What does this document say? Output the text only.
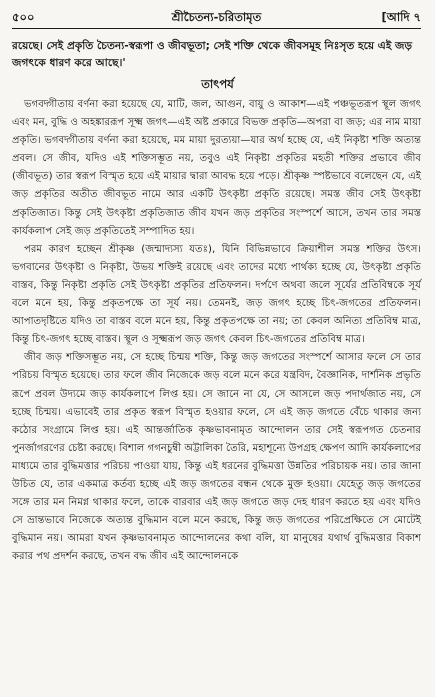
৫০০	শ্রীচৈতন্য-চরিতামৃত	[আদি ৭
রয়েছে। সেই প্রকৃতি চৈতন্য-স্বরূপা ও জীবভূতা; সেই শক্তি থেকে জীবসমূহ নিঃসৃত হয়ে এই জড় জগৎকে ধারণ করে আছে।'
তাৎপর্য

ভগবদ্গীতায় বর্ণনা করা হয়েছে যে, মাটি, জল, আগুন, বায়ু ও আকাশ—এই পঞ্চভূতরূপ স্থূল জগৎ এবং মন, বুদ্ধি ও অহঙ্কাররূপ সূক্ষ্ম জগৎ—এই অষ্ট প্রকারে বিভক্ত প্রকৃতি—অপরা বা জড়; এর নাম মায়া প্রকৃতি। ভগবদ্গীতায় বর্ণনা করা হয়েছে, মম মায়া দুরত্যয়া—যার অর্থ হচ্ছে যে, এই নিকৃষ্টা শক্তি অত্যন্ত প্রবল। সে জীব, যদিও এই শক্তিসম্ভূত নয়, তবুও এই নিকৃষ্টা প্রকৃতির মহতী শক্তির প্রভাবে জীব (জীবভূত) তার স্বরূপ বিস্মৃত হয়ে এই মায়ার দ্বারা আবদ্ধ হয়ে পড়ে। শ্রীকৃষ্ণ স্পষ্টভাবে বলেছেন যে, এই জড় প্রকৃতির অতীত জীবভূত নামে আর একটি উৎকৃষ্টা প্রকৃতি রয়েছে। সমস্ত জীব সেই উৎকৃষ্টা প্রকৃতিজাত। কিন্তু সেই উৎকৃষ্টা প্রকৃতিজাত জীব যখন জড় প্রকৃতির সংস্পর্শে আসে, তখন তার সমস্ত কার্যকলাপ সেই জড় প্রকৃতিতেই সম্পাদিত হয়।

পরম কারণ হচ্ছেন শ্রীকৃষ্ণ (জন্মাদ্যস্য যতঃ), যিনি বিভিন্নভাবে ক্রিয়াশীল সমস্ত শক্তির উৎস। ভগবানের উৎকৃষ্টা ও নিকৃষ্টা, উভয় শক্তিই রয়েছে এবং তাদের মধ্যে পার্থক্য হচ্ছে যে, উৎকৃষ্টা প্রকৃতি বাস্তব, কিন্তু নিকৃষ্টা প্রকৃতি সেই উৎকৃষ্টা প্রকৃতির প্রতিফলন। দর্পণে অথবা জলে সূর্যের প্রতিবিম্বকে সূর্য বলে মনে হয়, কিন্তু প্রকৃতপক্ষে তা সূর্য নয়। তেমনই, জড় জগৎ হচ্ছে চিৎ-জগতের প্রতিফলন। আপাতদৃষ্টিতে যদিও তা বাস্তব বলে মনে হয়, কিন্তু প্রকৃতপক্ষে তা নয়; তা কেবল অনিত্য প্রতিবিম্ব মাত্র, কিন্তু চিৎ-জগৎ হচ্ছে বাস্তব। স্থূল ও সূক্ষ্মরূপ জড় জগৎ কেবল চিৎ-জগতের প্রতিবিম্ব মাত্র।

জীব জড় শক্তিসম্ভূত নয়, সে হচ্ছে চিন্ময় শক্তি, কিন্তু জড় জগতের সংস্পর্শে আসার ফলে সে তার পরিচয় বিস্মৃত হয়েছে। তার ফলে জীব নিজেকে জড় বলে মনে করে যন্ত্রবিদ, বৈজ্ঞানিক, দার্শনিক প্রভৃতি রূপে প্রবল উদ্যমে জড় কার্যকলাপে লিপ্ত হয়। সে জানে না যে, সে আসলে জড় পদার্থজাত নয়, সে হচ্ছে চিন্ময়। এভাবেই তার প্রকৃত স্বরূপ বিস্মৃত হওয়ার ফলে, সে এই জড় জগতে বেঁচে থাকার জন্য কঠোর সংগ্রামে লিপ্ত হয়। এই আন্তর্জাতিক কৃষ্ণভাবনামৃত আন্দোলন তার সেই স্বরূপগত চেতনার পুনর্জাগরণের চেষ্টা করছে। বিশাল গগনচুম্বী অট্টালিকা তৈরি, মহাশূন্যে উপগ্রহ ক্ষেপণ আদি কার্যকলাপের মাধ্যমে তার বুদ্ধিমত্তার পরিচয় পাওয়া যায়, কিন্তু এই ধরনের বুদ্ধিমত্তা উন্নতির পরিচায়ক নয়। তার জানা উচিত যে, তার একমাত্র কর্তব্য হচ্ছে এই জড় জগতের বন্ধন থেকে মুক্ত হওয়া। যেহেতু জড় জগতের সঙ্গে তার মন নিমগ্ন থাকার ফলে, তাকে বারবার এই জড় জগতে জড় দেহ ধারণ করতে হয় এবং যদিও সে ভ্রান্তভাবে নিজেকে অত্যন্ত বুদ্ধিমান বলে মনে করছে, কিন্তু জড় জগতের পরিপ্রেক্ষিতে সে মোটেই বুদ্ধিমান নয়। আমরা যখন কৃষ্ণভাবনামৃত আন্দোলনের কথা বলি, যা মানুষের যথার্থ বুদ্ধিমত্তার বিকাশ করার পথ প্রদর্শন করছে, তখন বদ্ধ জীব এই আন্দোলনকে
